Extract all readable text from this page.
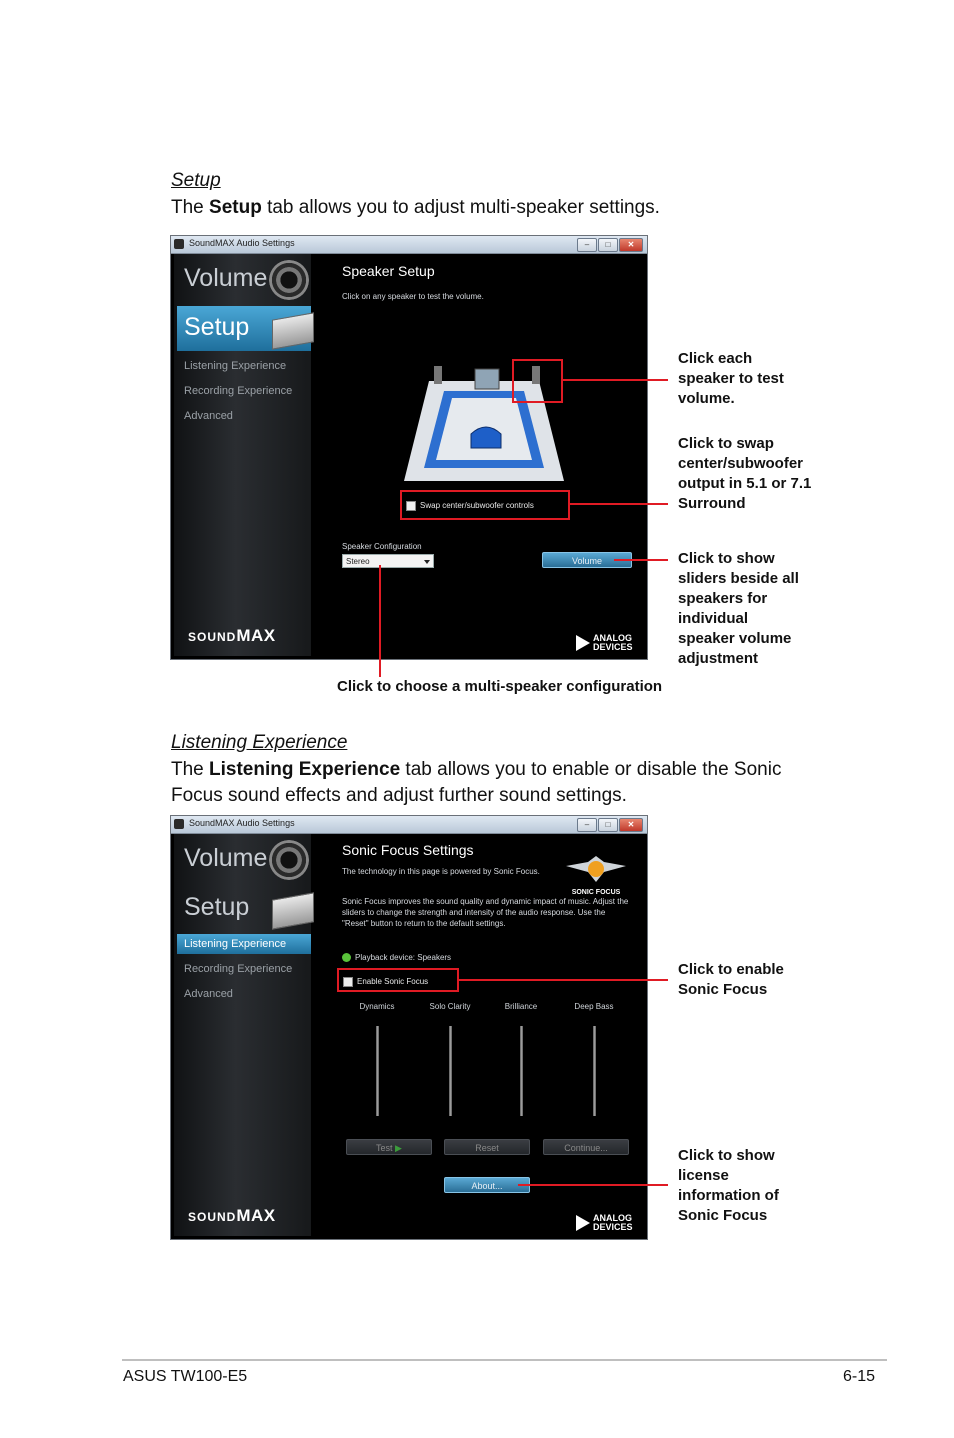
Setup
The Setup tab allows you to adjust multi-speaker settings.
SoundMAX Audio Settings	–	□	✕
Volume
Setup
Listening Experience
Recording Experience
Advanced
SOUNDMAX
Speaker Setup
Click on any speaker to test the volume.
Swap center/subwoofer controls
Speaker Configuration
Stereo	Volume
ANALOG
DEVICES
Click each speaker to test volume.
Click to swap center/subwoofer output in 5.1 or 7.1 Surround
Click to show sliders beside all speakers for individual speaker volume adjustment
Click to choose a multi-speaker configuration
Listening Experience
The Listening Experience tab allows you to enable or disable the Sonic Focus sound effects and adjust further sound settings.
SoundMAX Audio Settings	–	□	✕
Volume
Setup
Listening Experience
Recording Experience
Advanced
SOUNDMAX
Sonic Focus Settings
The technology in this page is powered by Sonic Focus.
Sonic Focus improves the sound quality and dynamic impact of music. Adjust the sliders to change the strength and intensity of the audio response. Use the "Reset" button to return to the default settings.
SONIC FOCUS
Playback device: Speakers
Enable Sonic Focus
Dynamics	Solo Clarity	Brilliance	Deep Bass
Test ▶	Reset	Continue...
About...
ANALOG
DEVICES
Click to enable Sonic Focus
Click to show license information of Sonic Focus
ASUS TW100-E5	6-15
